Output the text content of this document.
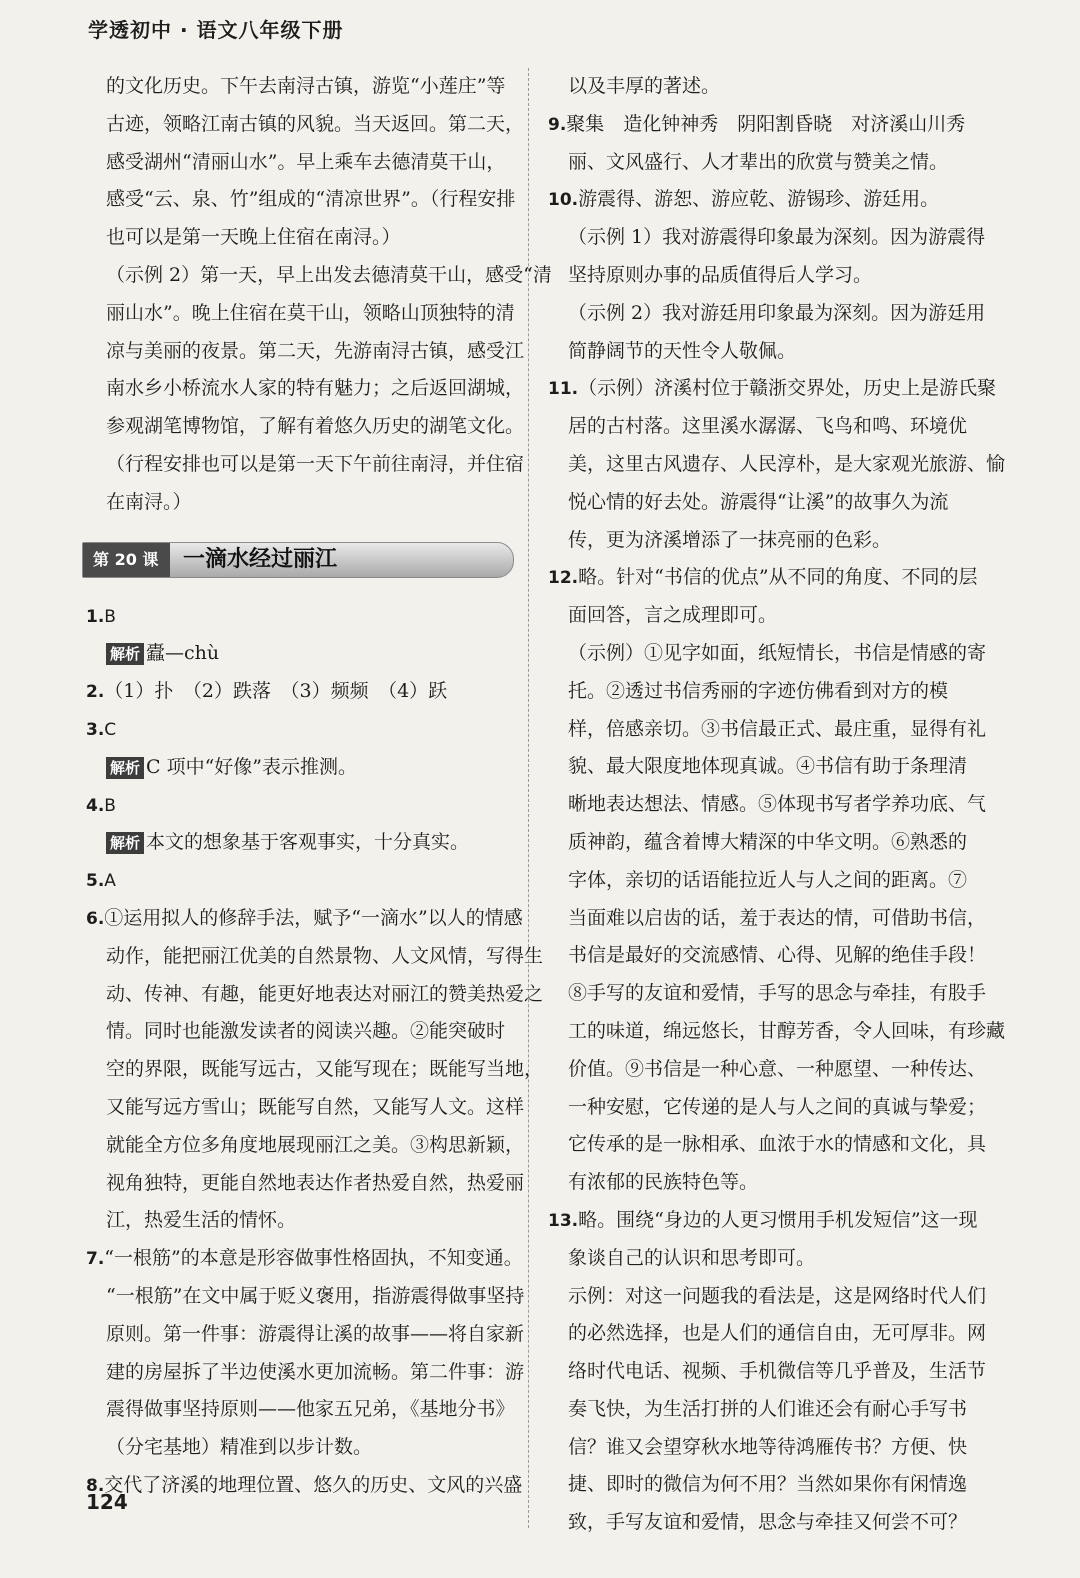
学透初中 · 语文八年级下册
的文化历史。下午去南浔古镇，游览“小莲庄”等
古迹，领略江南古镇的风貌。当天返回。第二天，
感受湖州“清丽山水”。早上乘车去德清莫干山，
感受“云、泉、竹”组成的“清凉世界”。（行程安排
也可以是第一天晚上住宿在南浔。）
（示例 2）第一天，早上出发去德清莫干山，感受“清
丽山水”。晚上住宿在莫干山，领略山顶独特的清
凉与美丽的夜景。第二天，先游南浔古镇，感受江
南水乡小桥流水人家的特有魅力；之后返回湖城，
参观湖笔博物馆，了解有着悠久历史的湖笔文化。
（行程安排也可以是第一天下午前往南浔，并住宿
在南浔。）
第 20 课	一滴水经过丽江
1.B
解析 蠹—chù
2.（1）扑　（2）跌落　（3）频频　（4）跃
3.C
解析 C 项中“好像”表示推测。
4.B
解析 本文的想象基于客观事实，十分真实。
5.A
6.①运用拟人的修辞手法，赋予“一滴水”以人的情感
动作，能把丽江优美的自然景物、人文风情，写得生
动、传神、有趣，能更好地表达对丽江的赞美热爱之
情。同时也能激发读者的阅读兴趣。②能突破时
空的界限，既能写远古，又能写现在；既能写当地，
又能写远方雪山；既能写自然，又能写人文。这样
就能全方位多角度地展现丽江之美。③构思新颖，
视角独特，更能自然地表达作者热爱自然，热爱丽
江，热爱生活的情怀。
7.“一根筋”的本意是形容做事性格固执，不知变通。
“一根筋”在文中属于贬义褒用，指游震得做事坚持
原则。第一件事：游震得让溪的故事——将自家新
建的房屋拆了半边使溪水更加流畅。第二件事：游
震得做事坚持原则——他家五兄弟，《基地分书》
（分宅基地）精准到以步计数。
8.交代了济溪的地理位置、悠久的历史、文风的兴盛
以及丰厚的著述。
9.聚集　造化钟神秀　阴阳割昏晓　对济溪山川秀
丽、文风盛行、人才辈出的欣赏与赞美之情。
10.游震得、游恕、游应乾、游锡珍、游廷用。
（示例 1）我对游震得印象最为深刻。因为游震得
坚持原则办事的品质值得后人学习。
（示例 2）我对游廷用印象最为深刻。因为游廷用
简静阔节的天性令人敬佩。
11.（示例）济溪村位于赣浙交界处，历史上是游氏聚
居的古村落。这里溪水潺潺、飞鸟和鸣、环境优
美，这里古风遗存、人民淳朴，是大家观光旅游、愉
悦心情的好去处。游震得“让溪”的故事久为流
传，更为济溪增添了一抹亮丽的色彩。
12.略。针对“书信的优点”从不同的角度、不同的层
面回答，言之成理即可。
（示例）①见字如面，纸短情长，书信是情感的寄
托。②透过书信秀丽的字迹仿佛看到对方的模
样，倍感亲切。③书信最正式、最庄重，显得有礼
貌、最大限度地体现真诚。④书信有助于条理清
晰地表达想法、情感。⑤体现书写者学养功底、气
质神韵，蕴含着博大精深的中华文明。⑥熟悉的
字体，亲切的话语能拉近人与人之间的距离。⑦
当面难以启齿的话，羞于表达的情，可借助书信，
书信是最好的交流感情、心得、见解的绝佳手段！
⑧手写的友谊和爱情，手写的思念与牵挂，有股手
工的味道，绵远悠长，甘醇芳香，令人回味，有珍藏
价值。⑨书信是一种心意、一种愿望、一种传达、
一种安慰，它传递的是人与人之间的真诚与挚爱；
它传承的是一脉相承、血浓于水的情感和文化，具
有浓郁的民族特色等。
13.略。围绕“身边的人更习惯用手机发短信”这一现
象谈自己的认识和思考即可。
示例：对这一问题我的看法是，这是网络时代人们
的必然选择，也是人们的通信自由，无可厚非。网
络时代电话、视频、手机微信等几乎普及，生活节
奏飞快，为生活打拼的人们谁还会有耐心手写书
信？谁又会望穿秋水地等待鸿雁传书？方便、快
捷、即时的微信为何不用？当然如果你有闲情逸
致，手写友谊和爱情，思念与牵挂又何尝不可？
124
